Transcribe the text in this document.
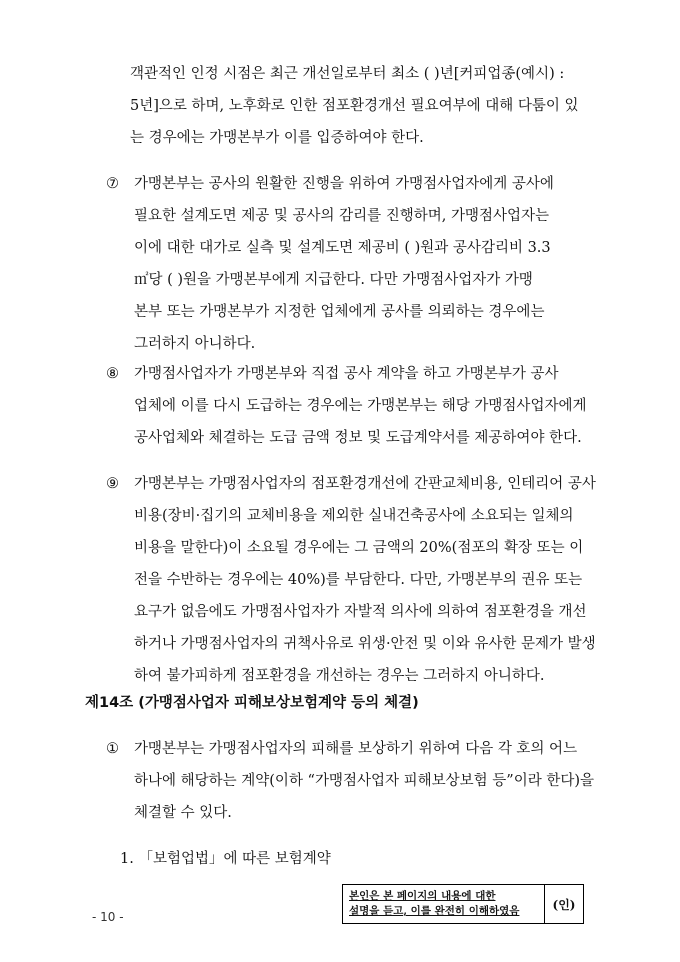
객관적인 인정 시점은 최근 개선일로부터 최소 ( )년[커피업종(예시) :
5년]으로 하며, 노후화로 인한 점포환경개선 필요여부에 대해 다툼이 있
는 경우에는 가맹본부가 이를 입증하여야 한다.
⑦ 가맹본부는 공사의 원활한 진행을 위하여 가맹점사업자에게 공사에
필요한 설계도면 제공 및 공사의 감리를 진행하며, 가맹점사업자는
이에 대한 대가로 실측 및 설계도면 제공비 ( )원과 공사감리비 3.3
㎡당 ( )원을 가맹본부에게 지급한다. 다만 가맹점사업자가 가맹
본부 또는 가맹본부가 지정한 업체에게 공사를 의뢰하는 경우에는
그러하지 아니하다.
⑧ 가맹점사업자가 가맹본부와 직접 공사 계약을 하고 가맹본부가 공사
업체에 이를 다시 도급하는 경우에는 가맹본부는 해당 가맹점사업자에게
공사업체와 체결하는 도급 금액 정보 및 도급계약서를 제공하여야 한다.
⑨ 가맹본부는 가맹점사업자의 점포환경개선에 간판교체비용, 인테리어 공사
비용(장비·집기의 교체비용을 제외한 실내건축공사에 소요되는 일체의
비용을 말한다)이 소요될 경우에는 그 금액의 20%(점포의 확장 또는 이
전을 수반하는 경우에는 40%)를 부담한다. 다만, 가맹본부의 권유 또는
요구가 없음에도 가맹점사업자가 자발적 의사에 의하여 점포환경을 개선
하거나 가맹점사업자의 귀책사유로 위생·안전 및 이와 유사한 문제가 발생
하여 불가피하게 점포환경을 개선하는 경우는 그러하지 아니하다.
제14조 (가맹점사업자 피해보상보험계약 등의 체결)
① 가맹본부는 가맹점사업자의 피해를 보상하기 위하여 다음 각 호의 어느
하나에 해당하는 계약(이하 “가맹점사업자 피해보상보험 등”이라 한다)을
체결할 수 있다.
1. 「보험업법」에 따른 보험계약
본인은 본 페이지의 내용에 대한
설명을 듣고, 이를 완전히 이해하였음	(인)
- 10 -
